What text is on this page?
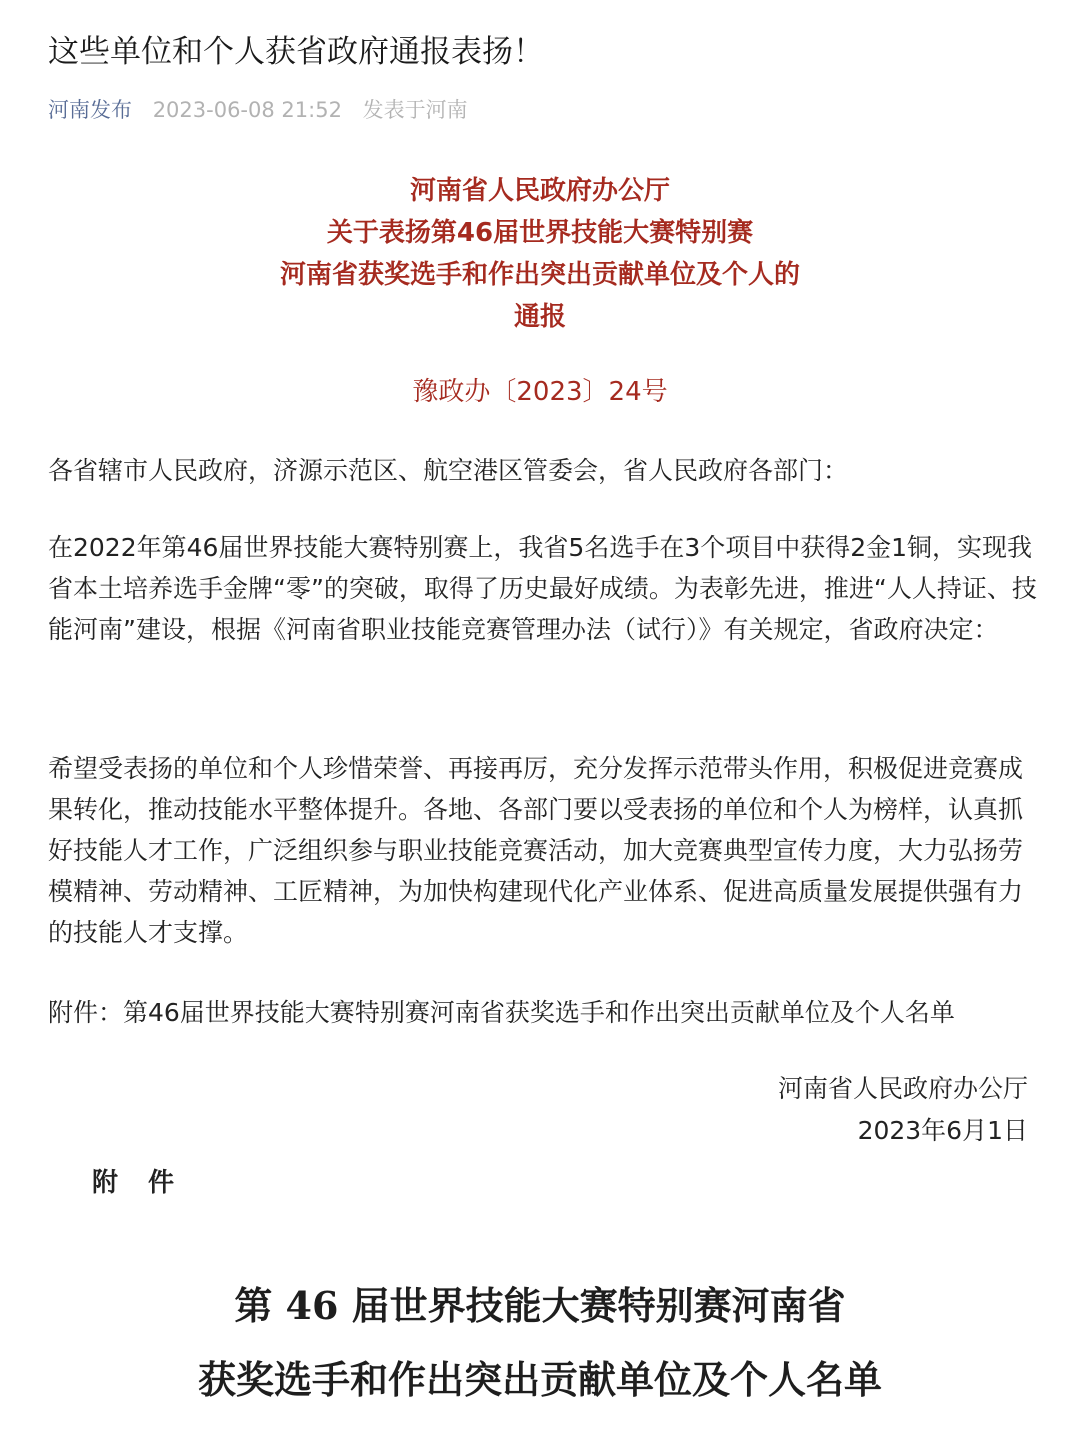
这些单位和个人获省政府通报表扬！
河南发布 2023-06-08 21:52 发表于河南
河南省人民政府办公厅
关于表扬第46届世界技能大赛特别赛
河南省获奖选手和作出突出贡献单位及个人的
通报
豫政办〔2023〕24号

各省辖市人民政府，济源示范区、航空港区管委会，省人民政府各部门：

在2022年第46届世界技能大赛特别赛上，我省5名选手在3个项目中获得2金1铜，实现我省本土培养选手金牌“零”的突破，取得了历史最好成绩。为表彰先进，推进“人人持证、技能河南”建设，根据《河南省职业技能竞赛管理办法（试行）》有关规定，省政府决定：

希望受表扬的单位和个人珍惜荣誉、再接再厉，充分发挥示范带头作用，积极促进竞赛成果转化，推动技能水平整体提升。各地、各部门要以受表扬的单位和个人为榜样，认真抓好技能人才工作，广泛组织参与职业技能竞赛活动，加大竞赛典型宣传力度，大力弘扬劳模精神、劳动精神、工匠精神，为加快构建现代化产业体系、促进高质量发展提供强有力的技能人才支撑。

附件：第46届世界技能大赛特别赛河南省获奖选手和作出突出贡献单位及个人名单

河南省人民政府办公厅
2023年6月1日
附件
第 46 届世界技能大赛特别赛河南省
获奖选手和作出突出贡献单位及个人名单
